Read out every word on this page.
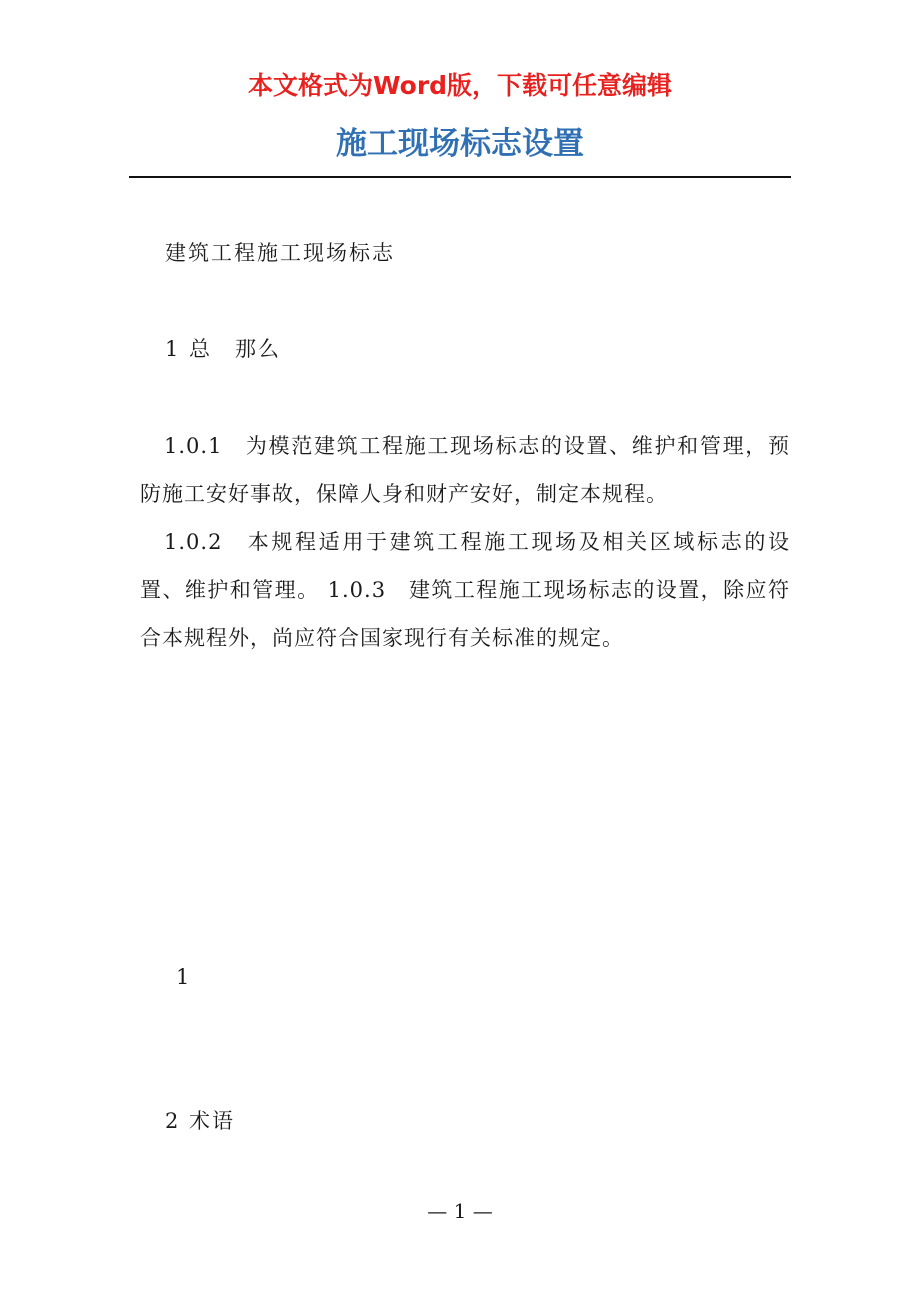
本文格式为Word版，下载可任意编辑
施工现场标志设置
建筑工程施工现场标志
1 总　那么

1.0.1　为模范建筑工程施工现场标志的设置、维护和管理，预防施工安好事故，保障人身和财产安好，制定本规程。

1.0.2　本规程适用于建筑工程施工现场及相关区域标志的设置、维护和管理。 1.0.3　建筑工程施工现场标志的设置，除应符合本规程外，尚应符合国家现行有关标准的规定。

1
2 术语
— 1 —
